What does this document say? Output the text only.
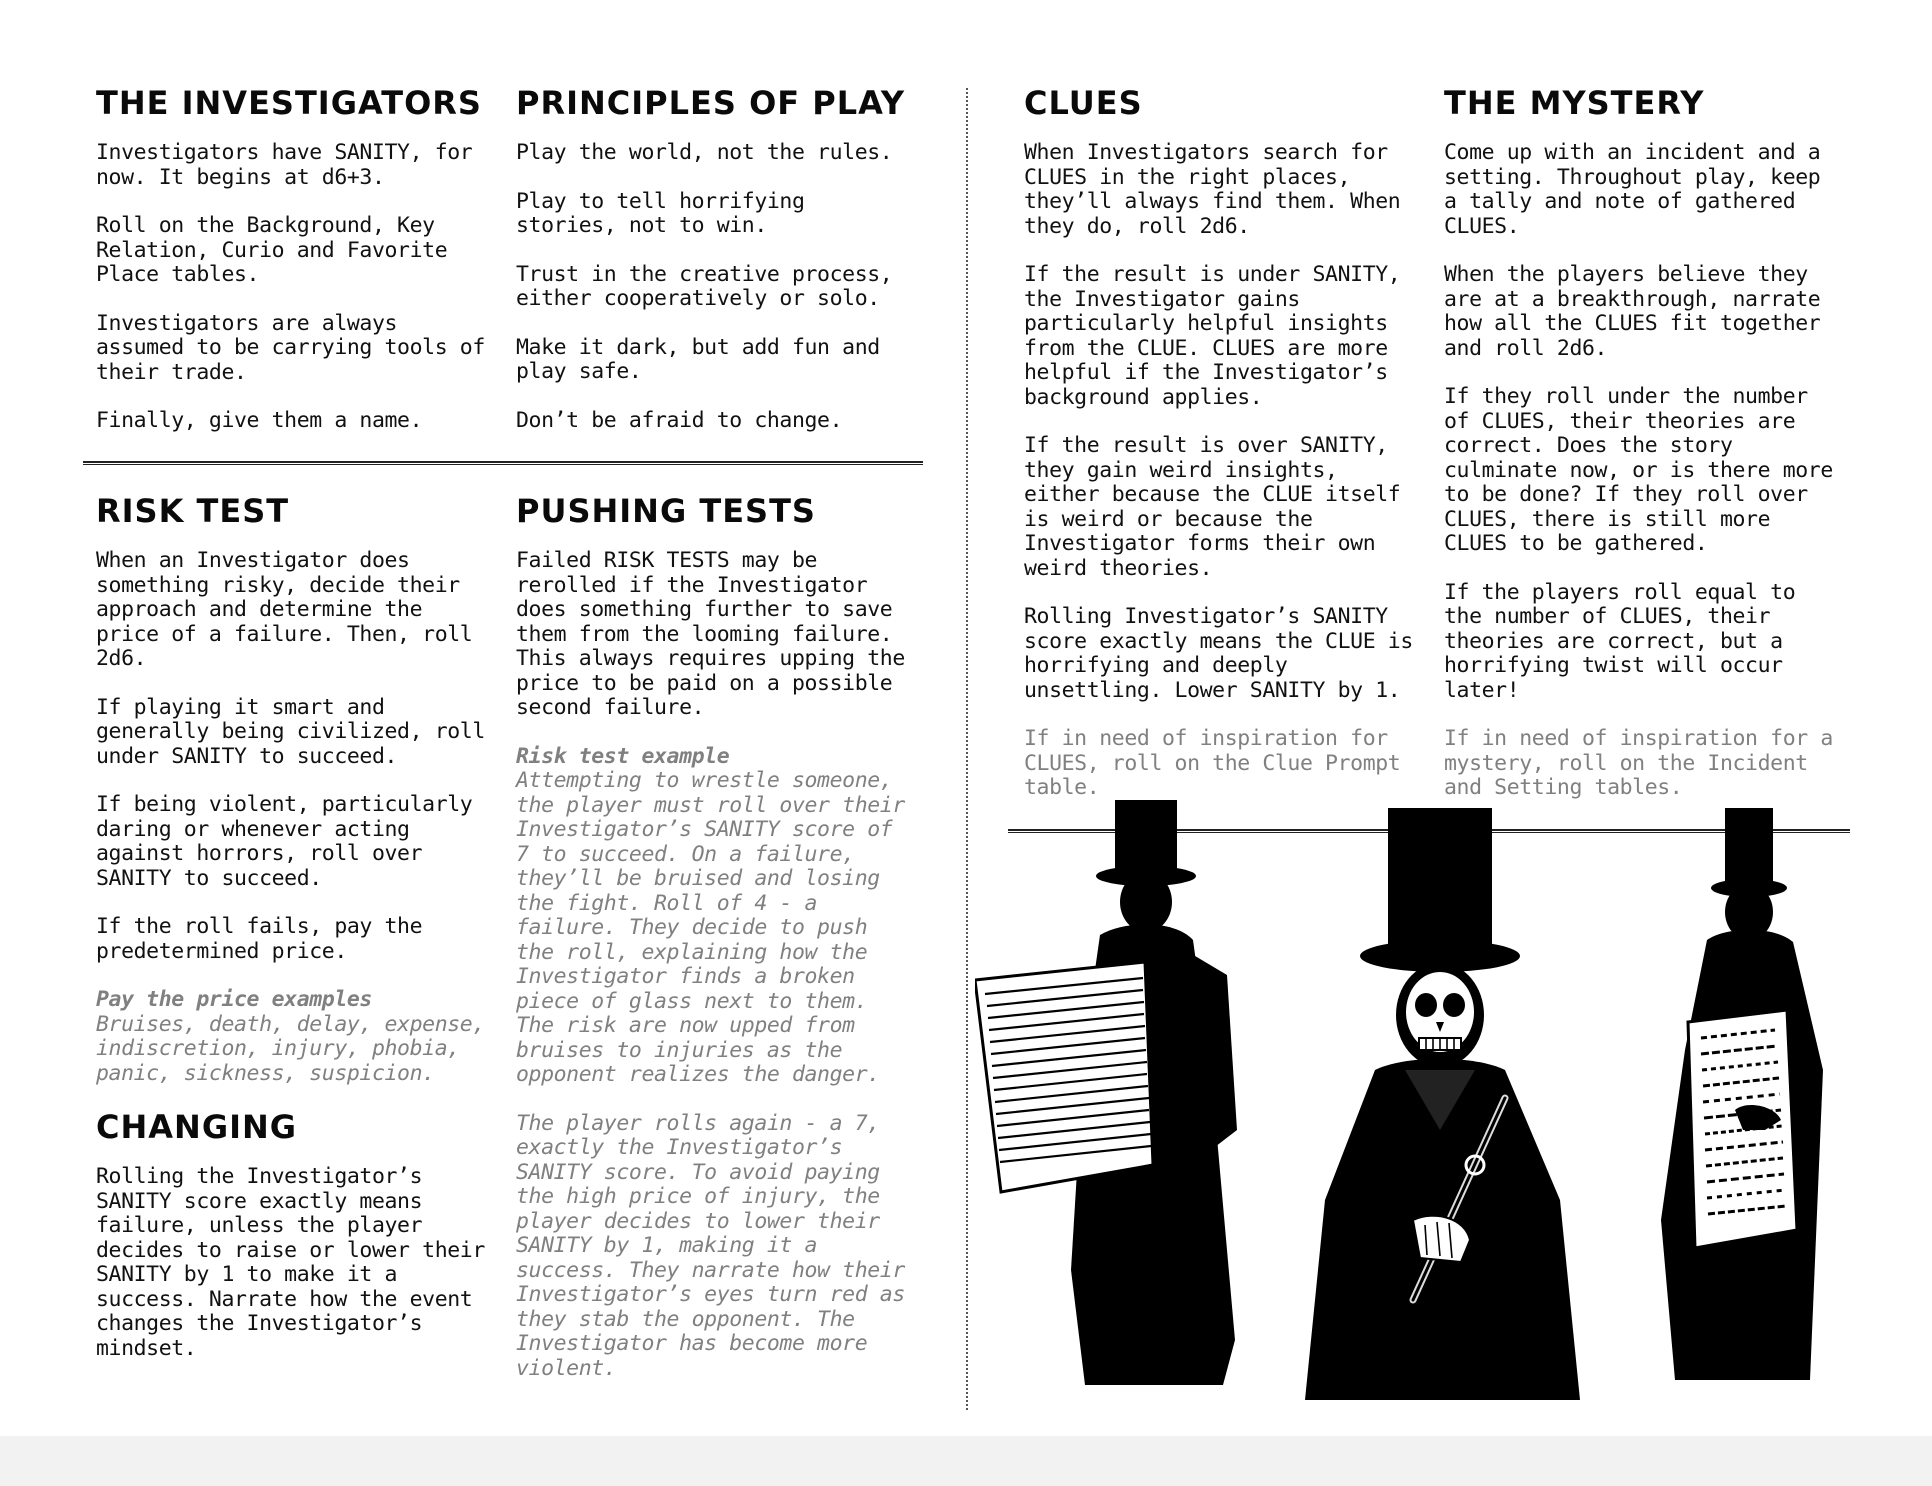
THE INVESTIGATORS

Investigators have SANITY, for now. It begins at d6+3.

Roll on the Background, Key Relation, Curio and Favorite Place tables.

Investigators are always assumed to be carrying tools of their trade.

Finally, give them a name.

PRINCIPLES OF PLAY

Play the world, not the rules.

Play to tell horrifying stories, not to win.

Trust in the creative process, either cooperatively or solo.

Make it dark, but add fun and play safe.

Don’t be afraid to change.

RISK TEST

When an Investigator does something risky, decide their approach and determine the price of a failure. Then, roll 2d6.

If playing it smart and generally being civilized, roll under SANITY to succeed.

If being violent, particularly daring or whenever acting against horrors, roll over SANITY to succeed.

If the roll fails, pay the predetermined price.

Pay the price examples

Bruises, death, delay, expense, indiscretion, injury, phobia, panic, sickness, suspicion.

CHANGING

Rolling the Investigator’s SANITY score exactly means failure, unless the player decides to raise or lower their SANITY by 1 to make it a success. Narrate how the event changes the Investigator’s mindset.

PUSHING TESTS

Failed RISK TESTS may be rerolled if the Investigator does something further to save them from the looming failure. This always requires upping the price to be paid on a possible second failure.

Risk test example

Attempting to wrestle someone, the player must roll over their Investigator’s SANITY score of 7 to succeed. On a failure, they’ll be bruised and losing the fight. Roll of 4 - a failure. They decide to push the roll, explaining how the Investigator finds a broken piece of glass next to them. The risk are now upped from bruises to injuries as the opponent realizes the danger.

The player rolls again - a 7, exactly the Investigator’s SANITY score. To avoid paying the high price of injury, the player decides to lower their SANITY by 1, making it a success. They narrate how their Investigator’s eyes turn red as they stab the opponent. The Investigator has become more violent.

CLUES

When Investigators search for CLUES in the right places, they’ll always find them. When they do, roll 2d6.

If the result is under SANITY, the Investigator gains particularly helpful insights from the CLUE. CLUES are more helpful if the Investigator’s background applies.

If the result is over SANITY, they gain weird insights, either because the CLUE itself is weird or because the Investigator forms their own weird theories.

Rolling Investigator’s SANITY score exactly means the CLUE is horrifying and deeply unsettling. Lower SANITY by 1.

If in need of inspiration for CLUES, roll on the Clue Prompt table.

THE MYSTERY

Come up with an incident and a setting. Throughout play, keep a tally and note of gathered CLUES.

When the players believe they are at a breakthrough, narrate how all the CLUES fit together and roll 2d6.

If they roll under the number of CLUES, their theories are correct. Does the story culminate now, or is there more to be done? If they roll over CLUES, there is still more CLUES to be gathered.

If the players roll equal to the number of CLUES, their theories are correct, but a horrifying twist will occur later!

If in need of inspiration for a mystery, roll on the Incident and Setting tables.
